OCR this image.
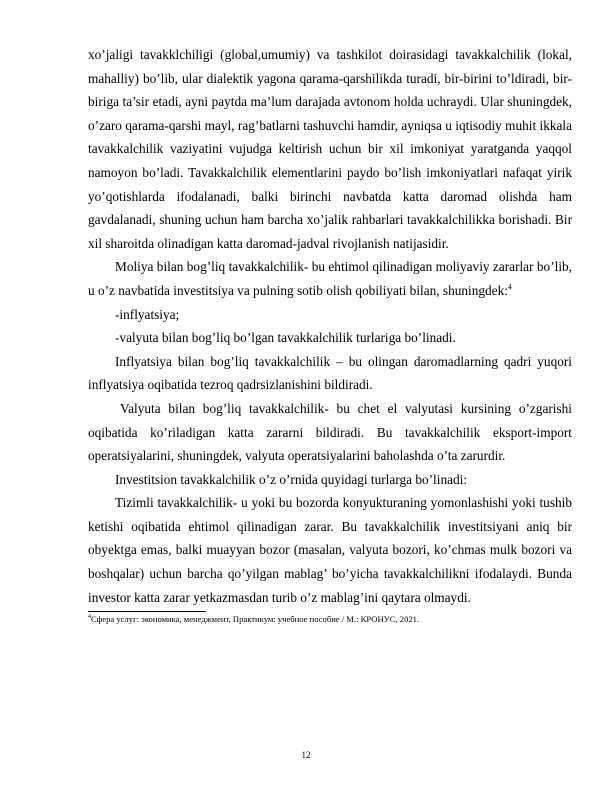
xo’jaligi tavakklchiligi (global,umumiy) va tashkilot doirasidagi tavakkalchilik (lokal, mahalliy) bo’lib, ular dialektik yagona qarama-qarshilikda turadi, bir-birini to’ldiradi, bir-biriga ta’sir etadi, ayni paytda ma’lum darajada avtonom holda uchraydi. Ular shuningdek, o’zaro qarama-qarshi mayl, rag’batlarni tashuvchi hamdir, ayniqsa u iqtisodiy muhit ikkala tavakkalchilik vaziyatini vujudga keltirish uchun bir xil imkoniyat yaratganda yaqqol namoyon bo’ladi. Tavakkalchilik elementlarini paydo bo’lish imkoniyatlari nafaqat yirik yo’qotishlarda ifodalanadi, balki birinchi navbatda katta daromad olishda ham gavdalanadi, shuning uchun ham barcha xo’jalik rahbarlari tavakkalchilikka borishadi. Bir xil sharoitda olinadigan katta daromad-jadval rivojlanish natijasidir.

Moliya bilan bog’liq tavakkalchilik- bu ehtimol qilinadigan moliyaviy zararlar bo’lib, u o’z navbatida investitsiya va pulning sotib olish qobiliyati bilan, shuningdek:$^4$

-inflyatsiya;

-valyuta bilan bog’liq bo’lgan tavakkalchilik turlariga bo’linadi.

Inflyatsiya bilan bog’liq tavakkalchilik – bu olingan daromadlarning qadri yuqori inflyatsiya oqibatida tezroq qadrsizlanishini bildiradi.

Valyuta bilan bog’liq tavakkalchilik- bu chet el valyutasi kursining o’zgarishi oqibatida ko’riladigan katta zararni bildiradi. Bu tavakkalchilik eksport-import operatsiyalarini, shuningdek, valyuta operatsiyalarini baholashda o’ta zarurdir.

Investitsion tavakkalchilik o’z o’rnida quyidagi turlarga bo’linadi:

Tizimli tavakkalchilik- u yoki bu bozorda konyukturaning yomonlashishi yoki tushib ketishi oqibatida ehtimol qilinadigan zarar. Bu tavakkalchilik investitsiyani aniq bir obyektga emas, balki muayyan bozor (masalan, valyuta bozori, ko’chmas mulk bozori va boshqalar) uchun barcha qo’yilgan mablag’ bo’yicha tavakkalchilikni ifodalaydi. Bunda investor katta zarar yetkazmasdan turib o’z mablag’ini qaytara olmaydi.

$^4$Сфера услуг: экономика, менеджмент, Практикум: учебное пособие / М.: КРОНУС, 2021.
12
